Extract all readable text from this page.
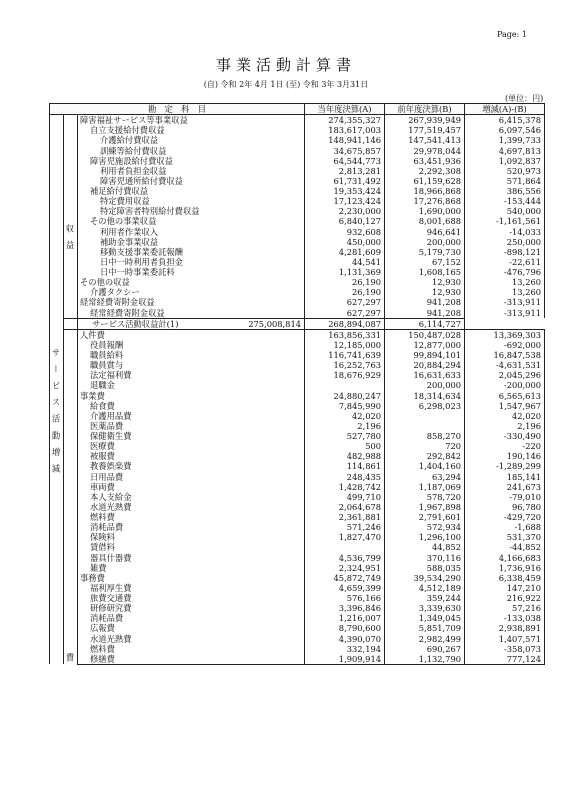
Page: 1
事業活動計算書
(自) 令和 2年 4月 1日 (至) 令和 3年 3月31日
(単位：円)
勘　定　科　目			当年度決算(A)	前年度決算(B)	増減(A)-(B)
サ　ー　ビ　ス　活　動　増　減	収　益	障害福祉サービス等事業収益	274,355,327	267,939,949	6,415,378
		自立支援給付費収益	183,617,003	177,519,457	6,097,546
		介護給付費収益	148,941,146	147,541,413	1,399,733
		訓練等給付費収益	34,675,857	29,978,044	4,697,813
		障害児施設給付費収益	64,544,773	63,451,936	1,092,837
		利用者負担金収益	2,813,281	2,292,308	520,973
		障害児通所給付費収益	61,731,492	61,159,628	571,864
		補足給付費収益	19,353,424	18,966,868	386,556
		特定費用収益	17,123,424	17,276,868	-153,444
		特定障害者特別給付費収益	2,230,000	1,690,000	540,000
		その他の事業収益	6,840,127	8,001,688	-1,161,561
		利用者作業収入	932,608	946,641	-14,033
		補助金事業収益	450,000	200,000	250,000
		移動支援事業委託報酬	4,281,609	5,179,730	-898,121
		日中一時利用者負担金	44,541	67,152	-22,611
		日中一時事業委託料	1,131,369	1,608,165	-476,796
		その他の収益	26,190	12,930	13,260
		介護タクシー	26,190	12,930	13,260
		経常経費寄附金収益	627,297	941,208	-313,911
		経常経費寄附金収益	627,297	941,208	-313,911
	サービス活動収益計(1)	275,008,814	268,894,087	6,114,727	
	費	人件費	163,856,331	150,487,028	13,369,303
		役員報酬	12,185,000	12,877,000	-692,000
		職員給料	116,741,639	99,894,101	16,847,538
		職員賞与	16,252,763	20,884,294	-4,631,531
		法定福利費	18,676,929	16,631,633	2,045,296
		退職金		200,000	-200,000
		事業費	24,880,247	18,314,634	6,565,613
		給食費	7,845,990	6,298,023	1,547,967
		介護用品費	42,020		42,020
		医薬品費	2,196		2,196
		保健衛生費	527,780	858,270	-330,490
		医療費	500	720	-220
		被服費	482,988	292,842	190,146
		教養娯楽費	114,861	1,404,160	-1,289,299
		日用品費	248,435	63,294	185,141
		車両費	1,428,742	1,187,069	241,673
		本人支給金	499,710	578,720	-79,010
		水道光熱費	2,064,678	1,967,898	96,780
		燃料費	2,361,881	2,791,601	-429,720
		消耗品費	571,246	572,934	-1,688
		保険料	1,827,470	1,296,100	531,370
		賃借料		44,852	-44,852
		器具什器費	4,536,799	370,116	4,166,683
		雑費	2,324,951	588,035	1,736,916
		事務費	45,872,749	39,534,290	6,338,459
		福利厚生費	4,659,399	4,512,189	147,210
		旅費交通費	576,166	359,244	216,922
		研修研究費	3,396,846	3,339,630	57,216
		消耗品費	1,216,007	1,349,045	-133,038
		広報費	8,790,600	5,851,709	2,938,891
		水道光熱費	4,390,070	2,982,499	1,407,571
		燃料費	332,194	690,267	-358,073
		修繕費	1,909,914	1,132,790	777,124
